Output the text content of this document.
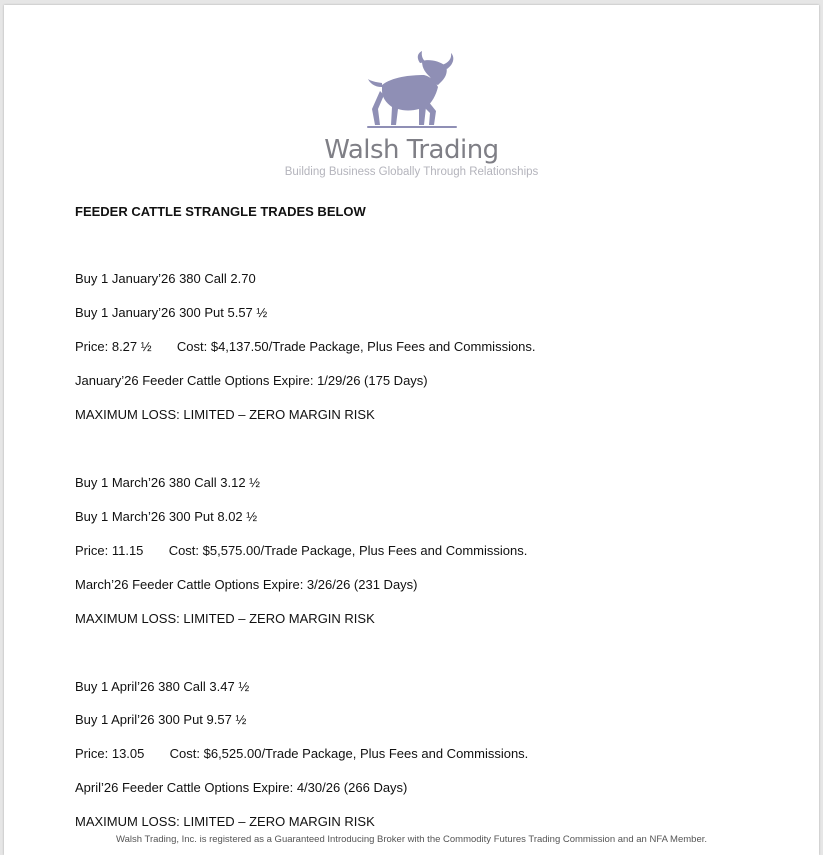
Walsh Trading
Building Business Globally Through Relationships
FEEDER CATTLE STRANGLE TRADES BELOW
Buy 1 January’26 380 Call 2.70
Buy 1 January’26 300 Put 5.57 ½
Price: 8.27 ½       Cost: $4,137.50/Trade Package, Plus Fees and Commissions.
January’26 Feeder Cattle Options Expire: 1/29/26 (175 Days)
MAXIMUM LOSS: LIMITED – ZERO MARGIN RISK
Buy 1 March’26 380 Call 3.12 ½
Buy 1 March’26 300 Put 8.02 ½
Price: 11.15       Cost: $5,575.00/Trade Package, Plus Fees and Commissions.
March’26 Feeder Cattle Options Expire: 3/26/26 (231 Days)
MAXIMUM LOSS: LIMITED – ZERO MARGIN RISK
Buy 1 April’26 380 Call 3.47 ½
Buy 1 April’26 300 Put 9.57 ½
Price: 13.05       Cost: $6,525.00/Trade Package, Plus Fees and Commissions.
April’26 Feeder Cattle Options Expire: 4/30/26 (266 Days)
MAXIMUM LOSS: LIMITED – ZERO MARGIN RISK
Walsh Trading, Inc. is registered as a Guaranteed Introducing Broker with the Commodity Futures Trading Commission and an NFA Member.
